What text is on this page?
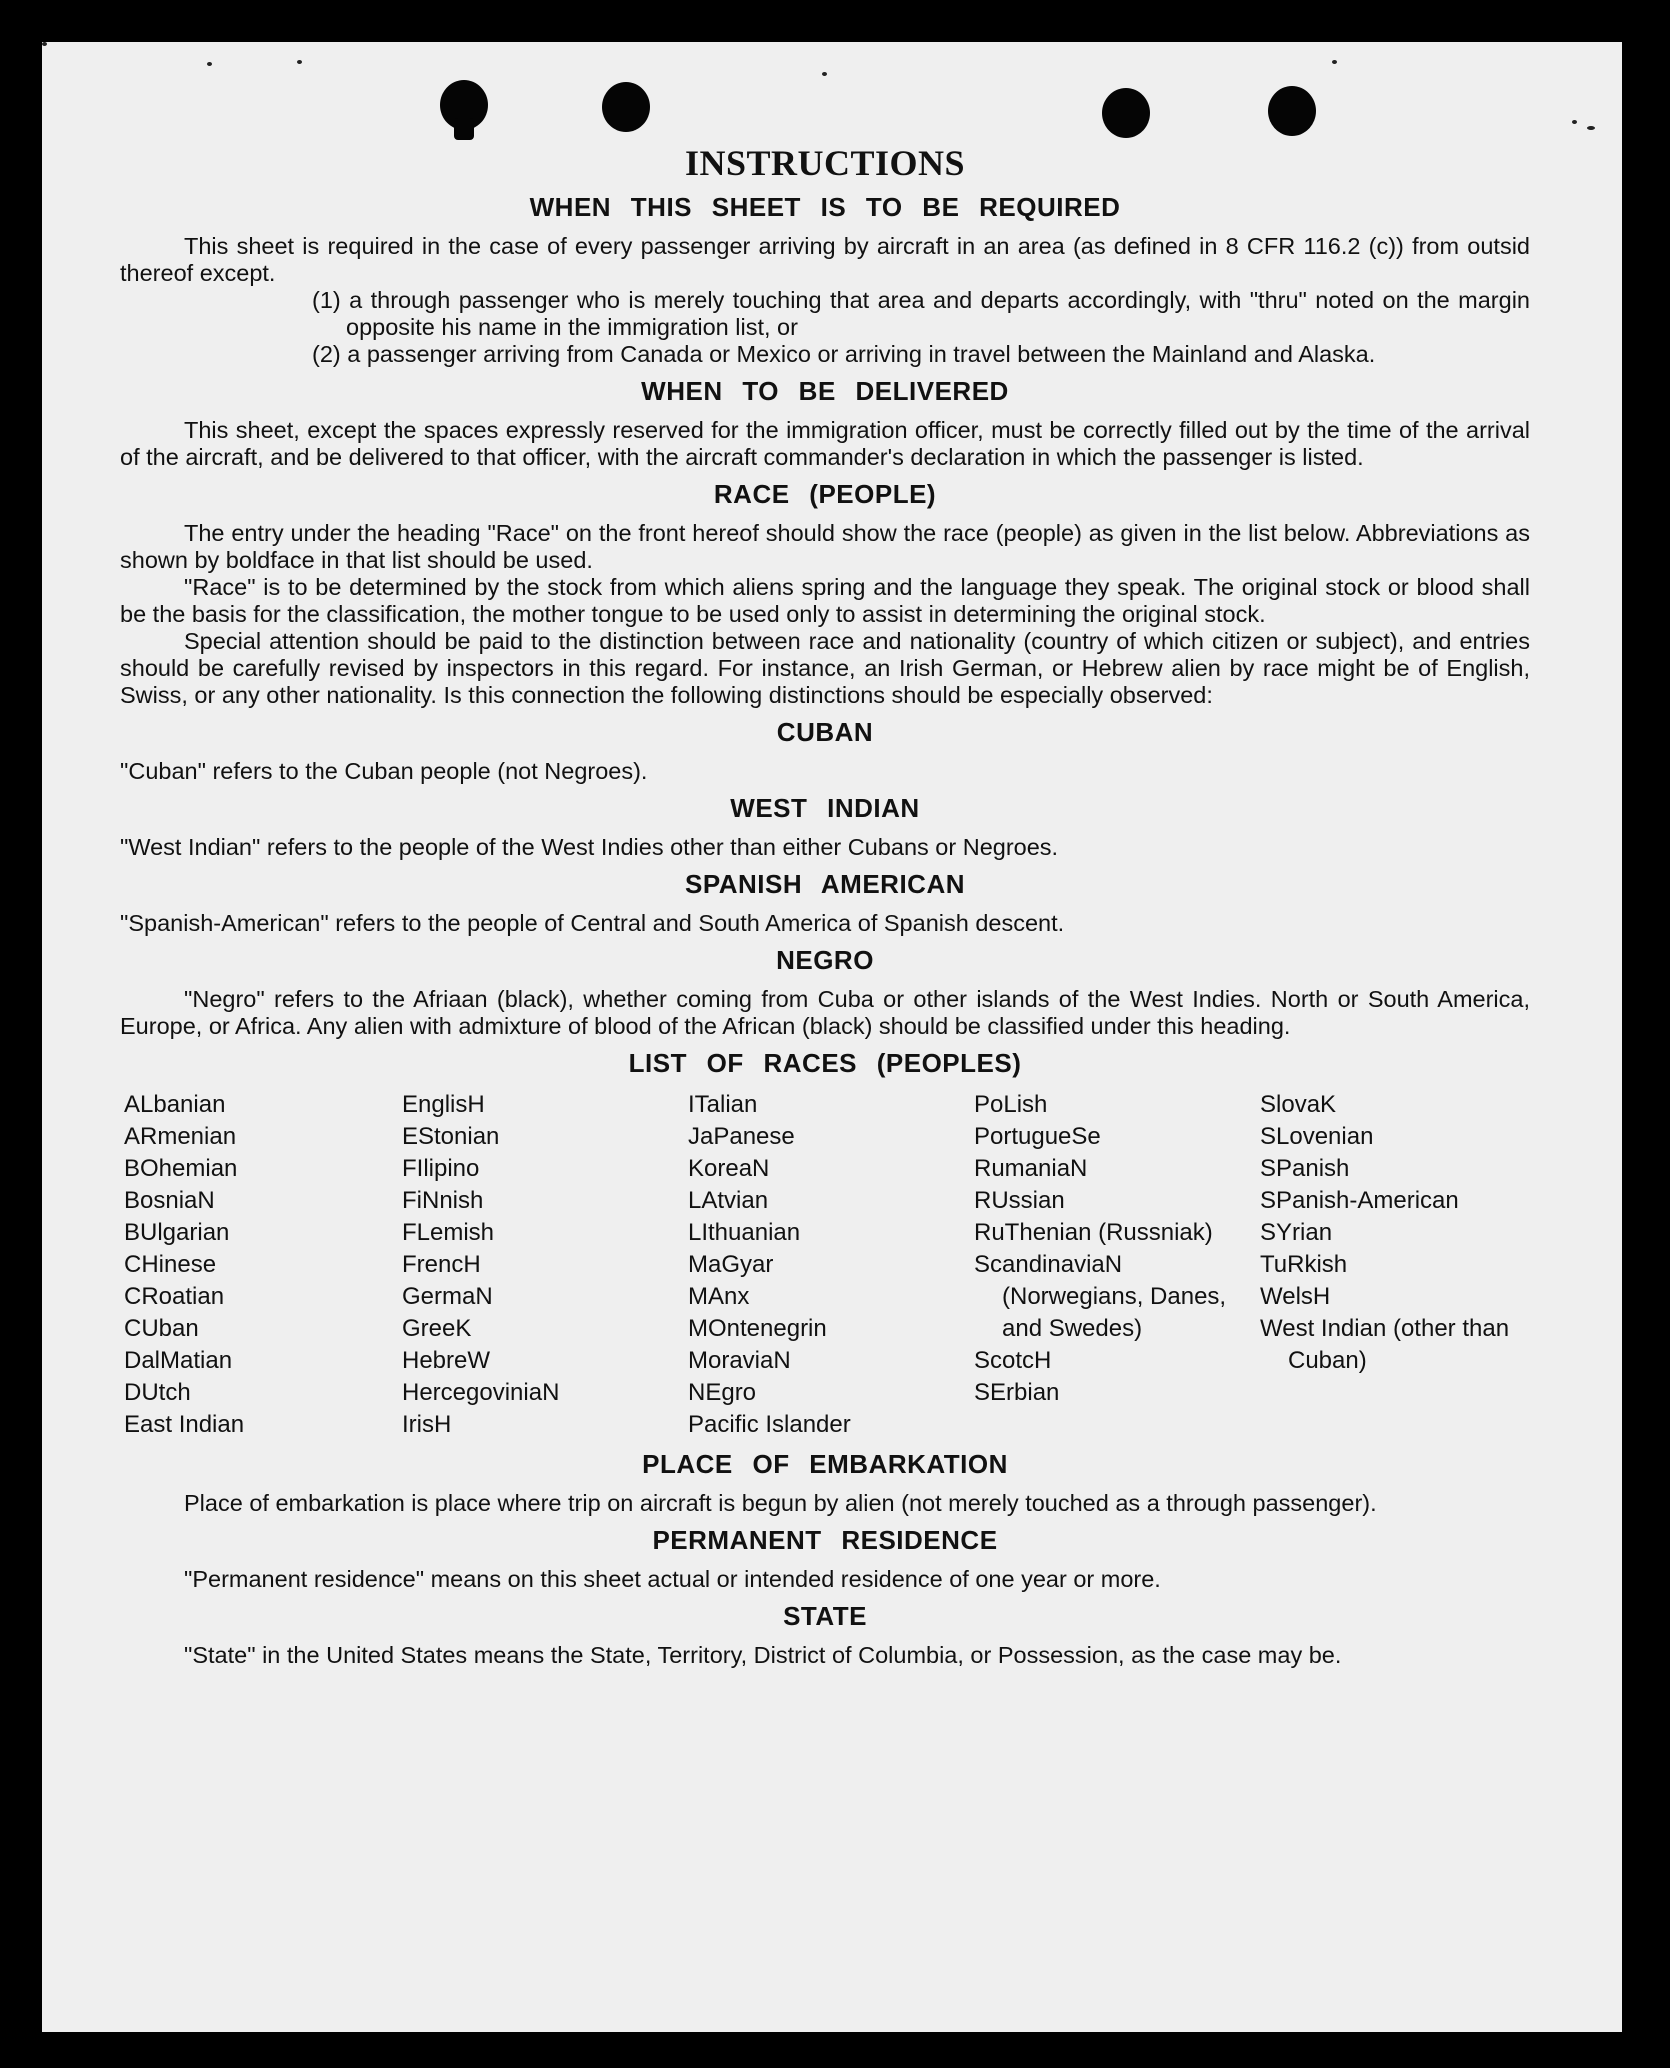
INSTRUCTIONS
WHEN THIS SHEET IS TO BE REQUIRED

This sheet is required in the case of every passenger arriving by aircraft in an area (as defined in 8 CFR 116.2 (c)) from outsid thereof except.

(1) a through passenger who is merely touching that area and departs accordingly, with "thru" noted on the margin opposite his name in the immigration list, or

(2) a passenger arriving from Canada or Mexico or arriving in travel between the Mainland and Alaska.

WHEN TO BE DELIVERED

This sheet, except the spaces expressly reserved for the immigration officer, must be correctly filled out by the time of the arrival of the aircraft, and be delivered to that officer, with the aircraft commander's declaration in which the passenger is listed.

RACE (PEOPLE)

The entry under the heading "Race" on the front hereof should show the race (people) as given in the list below. Abbreviations as shown by boldface in that list should be used.

"Race" is to be determined by the stock from which aliens spring and the language they speak. The original stock or blood shall be the basis for the classification, the mother tongue to be used only to assist in determining the original stock.

Special attention should be paid to the distinction between race and nationality (country of which citizen or subject), and entries should be carefully revised by inspectors in this regard. For instance, an Irish German, or Hebrew alien by race might be of English, Swiss, or any other nationality. Is this connection the following distinctions should be especially observed:

CUBAN

"Cuban" refers to the Cuban people (not Negroes).

WEST INDIAN

"West Indian" refers to the people of the West Indies other than either Cubans or Negroes.

SPANISH AMERICAN

"Spanish-American" refers to the people of Central and South America of Spanish descent.

NEGRO

"Negro" refers to the Afriaan (black), whether coming from Cuba or other islands of the West Indies. North or South America, Europe, or Africa. Any alien with admixture of blood of the African (black) should be classified under this heading.

LIST OF RACES (PEOPLES)
ALbanian
ARmenian
BOhemian
BosniaN
BUlgarian
CHinese
CRoatian
CUban
DalMatian
DUtch
East Indian
EnglisH
EStonian
FIlipino
FiNnish
FLemish
FrencH
GermaN
GreeK
HebreW
HercegoviniaN
IrisH
ITalian
JaPanese
KoreaN
LAtvian
LIthuanian
MaGyar
MAnx
MOntenegrin
MoraviaN
NEgro
Pacific Islander
PoLish
PortugueSe
RumaniaN
RUssian
RuThenian (Russniak)
ScandinaviaN (Norwegians, Danes, and Swedes)
ScotcH
SErbian
SlovaK
SLovenian
SPanish
SPanish-American
SYrian
TuRkish
WelsH
West Indian (other than Cuban)
PLACE OF EMBARKATION

Place of embarkation is place where trip on aircraft is begun by alien (not merely touched as a through passenger).

PERMANENT RESIDENCE

"Permanent residence" means on this sheet actual or intended residence of one year or more.

STATE

"State" in the United States means the State, Territory, District of Columbia, or Possession, as the case may be.
